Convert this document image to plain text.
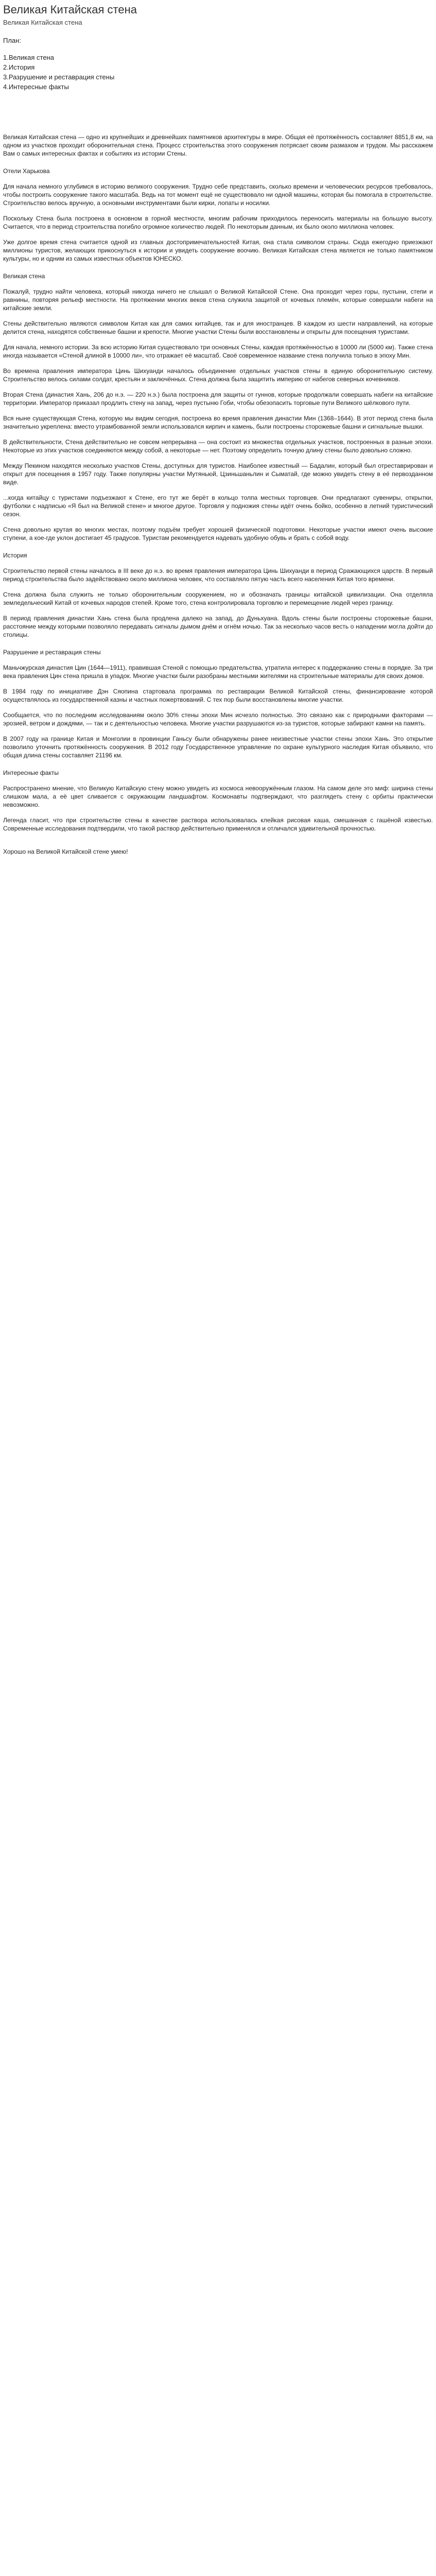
Великая Китайская стена
Великая Китайская стена
План:
1.Великая стена
2.История
3.Разрушение и реставрация стены
4.Интересные факты

Великая Китайская стена — одно из крупнейших и древнейших памятников архитектуры в мире. Общая её протяжённость составляет 8851,8 км, на одном из участков проходит оборонительная стена. Процесс строительства этого сооружения потрясает своим размахом и трудом. Мы расскажем Вам о самых интересных фактах и событиях из истории Стены.

Отели Харькова

Для начала немного углубимся в историю великого сооружения. Трудно себе представить, сколько времени и человеческих ресурсов требовалось, чтобы построить сооружение такого масштаба. Ведь на тот момент ещё не существовало ни одной машины, которая бы помогала в строительстве. Строительство велось вручную, а основными инструментами были кирки, лопаты и носилки.

Поскольку Стена была построена в основном в горной местности, многим рабочим приходилось переносить материалы на большую высоту. Считается, что в период строительства погибло огромное количество людей. По некоторым данным, их было около миллиона человек.

Уже долгое время стена считается одной из главных достопримечательностей Китая, она стала символом страны. Сюда ежегодно приезжают миллионы туристов, желающих прикоснуться к истории и увидеть сооружение воочию. Великая Китайская стена является не только памятником культуры, но и одним из самых известных объектов ЮНЕСКО.

Великая стена

Пожалуй, трудно найти человека, который никогда ничего не слышал о Великой Китайской Стене. Она проходит через горы, пустыни, степи и равнины, повторяя рельеф местности. На протяжении многих веков стена служила защитой от кочевых племён, которые совершали набеги на китайские земли.

Стены действительно являются символом Китая как для самих китайцев, так и для иностранцев. В каждом из шести направлений, на которые делится стена, находятся собственные башни и крепости. Многие участки Стены были восстановлены и открыты для посещения туристами.

Для начала, немного истории. За всю историю Китая существовало три основных Стены, каждая протяжённостью в 10000 ли (5000 км). Также стена иногда называется «Стеной длиной в 10000 ли», что отражает её масштаб. Своё современное название стена получила только в эпоху Мин.

Во времена правления императора Цинь Шихуанди началось объединение отдельных участков стены в единую оборонительную систему. Строительство велось силами солдат, крестьян и заключённых. Стена должна была защитить империю от набегов северных кочевников.

Вторая Стена (династия Хань, 206 до н.э. — 220 н.э.) была построена для защиты от гуннов, которые продолжали совершать набеги на китайские территории. Император приказал продлить стену на запад, через пустыню Гоби, чтобы обезопасить торговые пути Великого шёлкового пути.

Вся ныне существующая Стена, которую мы видим сегодня, построена во время правления династии Мин (1368–1644). В этот период стена была значительно укреплена: вместо утрамбованной земли использовался кирпич и камень, были построены сторожевые башни и сигнальные вышки.

В действительности, Стена действительно не совсем непрерывна — она состоит из множества отдельных участков, построенных в разные эпохи. Некоторые из этих участков соединяются между собой, а некоторые — нет. Поэтому определить точную длину стены было довольно сложно.

Между Пекином находятся несколько участков Стены, доступных для туристов. Наиболее известный — Бадалин, который был отреставрирован и открыт для посещения в 1957 году. Также популярны участки Мутяньюй, Цзиньшаньлин и Сыматай, где можно увидеть стену в её первозданном виде.

...когда китайцу с туристами подъезжают к Стене, его тут же берёт в кольцо толпа местных торговцев. Они предлагают сувениры, открытки, футболки с надписью «Я был на Великой стене» и многое другое. Торговля у подножия стены идёт очень бойко, особенно в летний туристический сезон.

Стена довольно крутая во многих местах, поэтому подъём требует хорошей физической подготовки. Некоторые участки имеют очень высокие ступени, а кое-где уклон достигает 45 градусов. Туристам рекомендуется надевать удобную обувь и брать с собой воду.

История

Строительство первой стены началось в III веке до н.э. во время правления императора Цинь Шихуанди в период Сражающихся царств. В первый период строительства было задействовано около миллиона человек, что составляло пятую часть всего населения Китая того времени.

Стена должна была служить не только оборонительным сооружением, но и обозначать границы китайской цивилизации. Она отделяла земледельческий Китай от кочевых народов степей. Кроме того, стена контролировала торговлю и перемещение людей через границу.

В период правления династии Хань стена была продлена далеко на запад, до Дуньхуана. Вдоль стены были построены сторожевые башни, расстояние между которыми позволяло передавать сигналы дымом днём и огнём ночью. Так за несколько часов весть о нападении могла дойти до столицы.

Разрушение и реставрация стены

Маньчжурская династия Цин (1644—1911), правившая Стеной с помощью предательства, утратила интерес к поддержанию стены в порядке. За три века правления Цин стена пришла в упадок. Многие участки были разобраны местными жителями на строительные материалы для своих домов.

В 1984 году по инициативе Дэн Сяопина стартовала программа по реставрации Великой Китайской стены, финансирование которой осуществлялось из государственной казны и частных пожертвований. С тех пор были восстановлены многие участки.

Сообщается, что по последним исследованиям около 30% стены эпохи Мин исчезло полностью. Это связано как с природными факторами — эрозией, ветром и дождями, — так и с деятельностью человека. Многие участки разрушаются из-за туристов, которые забирают камни на память.

В 2007 году на границе Китая и Монголии в провинции Ганьсу были обнаружены ранее неизвестные участки стены эпохи Хань. Это открытие позволило уточнить протяжённость сооружения. В 2012 году Государственное управление по охране культурного наследия Китая объявило, что общая длина стены составляет 21196 км.

Интересные факты

Распространено мнение, что Великую Китайскую стену можно увидеть из космоса невооружённым глазом. На самом деле это миф: ширина стены слишком мала, а её цвет сливается с окружающим ландшафтом. Космонавты подтверждают, что разглядеть стену с орбиты практически невозможно.

Легенда гласит, что при строительстве стены в качестве раствора использовалась клейкая рисовая каша, смешанная с гашёной известью. Современные исследования подтвердили, что такой раствор действительно применялся и отличался удивительной прочностью.

Хорошо на Великой Китайской стене умею!
